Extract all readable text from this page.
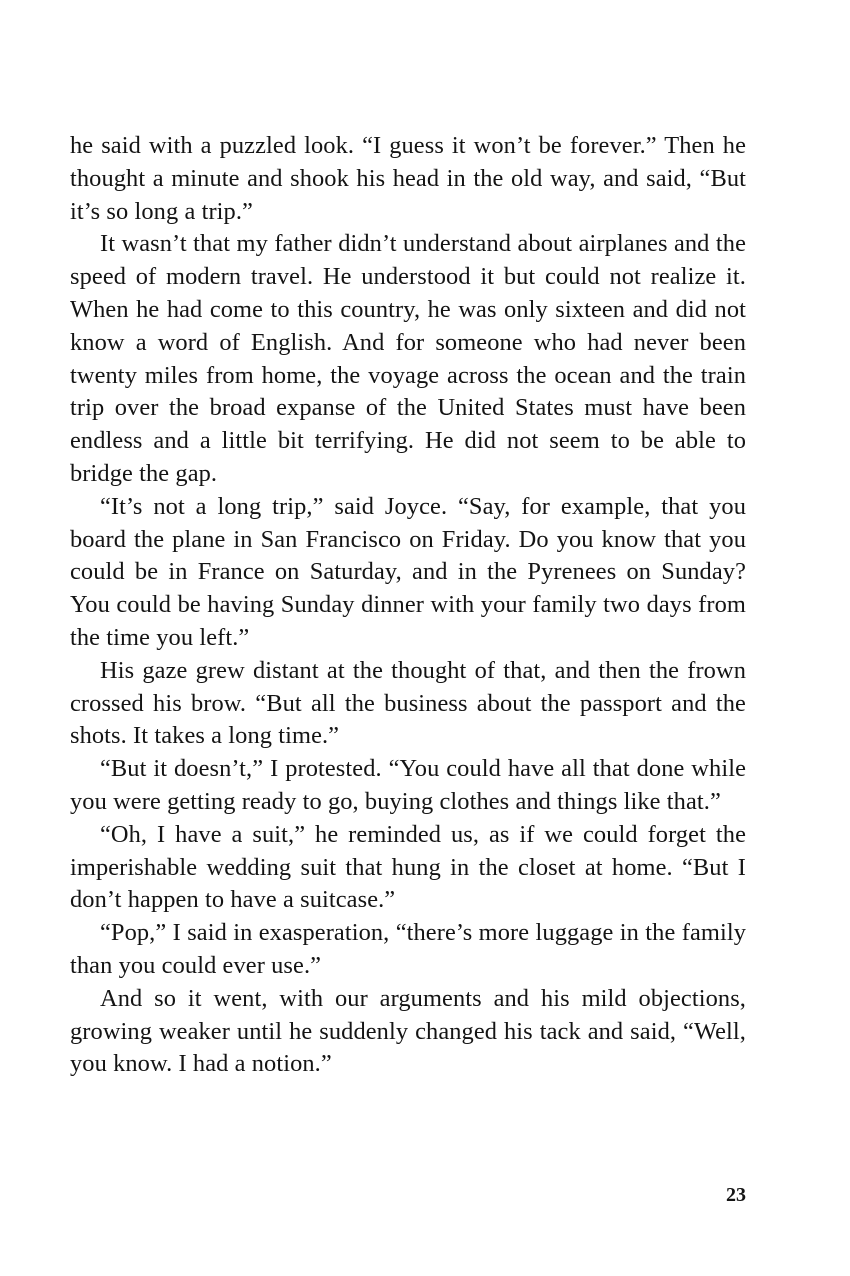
he said with a puzzled look. “I guess it won’t be forever.” Then he thought a minute and shook his head in the old way, and said, “But it’s so long a trip.”

It wasn’t that my father didn’t understand about airplanes and the speed of modern travel. He understood it but could not realize it. When he had come to this country, he was only sixteen and did not know a word of English. And for someone who had never been twenty miles from home, the voyage across the ocean and the train trip over the broad expanse of the United States must have been endless and a little bit terrifying. He did not seem to be able to bridge the gap.

“It’s not a long trip,” said Joyce. “Say, for example, that you board the plane in San Francisco on Friday. Do you know that you could be in France on Saturday, and in the Pyrenees on Sunday? You could be having Sunday dinner with your family two days from the time you left.”

His gaze grew distant at the thought of that, and then the frown crossed his brow. “But all the business about the passport and the shots. It takes a long time.”

“But it doesn’t,” I protested. “You could have all that done while you were getting ready to go, buying clothes and things like that.”

“Oh, I have a suit,” he reminded us, as if we could forget the imperishable wedding suit that hung in the closet at home. “But I don’t happen to have a suitcase.”

“Pop,” I said in exasperation, “there’s more luggage in the family than you could ever use.”

And so it went, with our arguments and his mild objections, growing weaker until he suddenly changed his tack and said, “Well, you know. I had a notion.”

23
